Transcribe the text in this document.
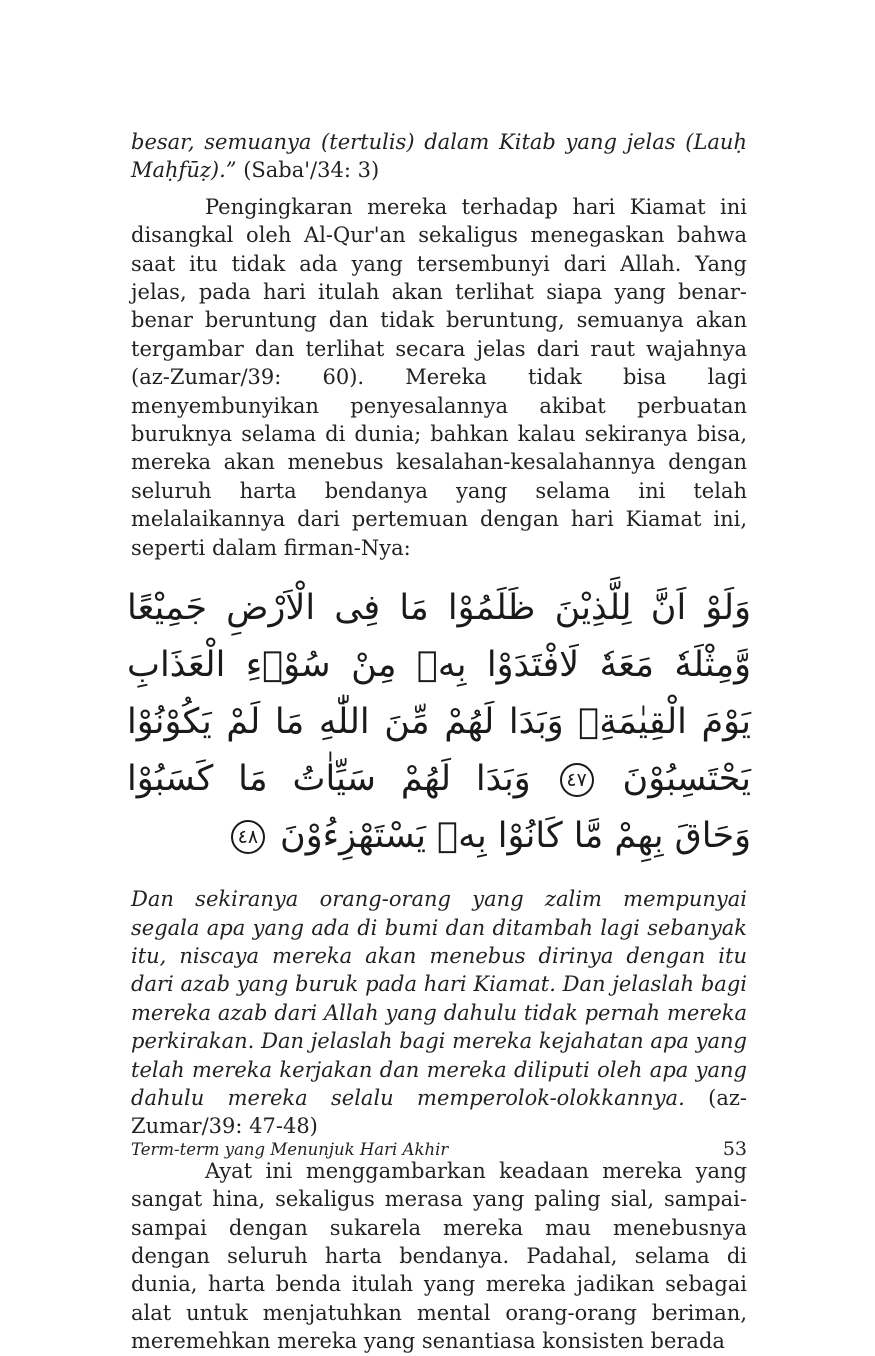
besar, semuanya (tertulis) dalam Kitab yang jelas (Lauḥ Maḥfūẓ).” (Saba'/34: 3)

Pengingkaran mereka terhadap hari Kiamat ini disangkal oleh Al-Qur'an sekaligus menegaskan bahwa saat itu tidak ada yang tersembunyi dari Allah. Yang jelas, pada hari itulah akan terlihat siapa yang benar-benar beruntung dan tidak beruntung, semuanya akan tergambar dan terlihat secara jelas dari raut wajahnya (az-Zumar/39: 60). Mereka tidak bisa lagi menyembunyikan penyesalannya akibat perbuatan buruknya selama di dunia; bahkan kalau sekiranya bisa, mereka akan menebus kesalahan-kesalahannya dengan seluruh harta bendanya yang selama ini telah melalaikannya dari pertemuan dengan hari Kiamat ini, seperti dalam firman-Nya:

وَلَوْ اَنَّ لِلَّذِيْنَ ظَلَمُوْا مَا فِى الْاَرْضِ جَمِيْعًا وَّمِثْلَهٗ مَعَهٗ لَافْتَدَوْا بِهٖ مِنْ سُوْۤءِ الْعَذَابِ يَوْمَ الْقِيٰمَةِۗ وَبَدَا لَهُمْ مِّنَ اللّٰهِ مَا لَمْ يَكُوْنُوْا يَحْتَسِبُوْنَ ٤٧ وَبَدَا لَهُمْ سَيِّاٰتُ مَا كَسَبُوْا وَحَاقَ بِهِمْ مَّا كَانُوْا بِهٖ يَسْتَهْزِءُوْنَ ٤٨

Dan sekiranya orang-orang yang zalim mempunyai segala apa yang ada di bumi dan ditambah lagi sebanyak itu, niscaya mereka akan menebus dirinya dengan itu dari azab yang buruk pada hari Kiamat. Dan jelaslah bagi mereka azab dari Allah yang dahulu tidak pernah mereka perkirakan. Dan jelaslah bagi mereka kejahatan apa yang telah mereka kerjakan dan mereka diliputi oleh apa yang dahulu mereka selalu memperolok-olokkannya. (az-Zumar/39: 47-48)

Ayat ini menggambarkan keadaan mereka yang sangat hina, sekaligus merasa yang paling sial, sampai-sampai dengan sukarela mereka mau menebusnya dengan seluruh harta bendanya. Padahal, selama di dunia, harta benda itulah yang mereka jadikan sebagai alat untuk menjatuhkan mental orang-orang beriman, meremehkan mereka yang senantiasa konsisten berada

Term-term yang Menunjuk Hari Akhir	53
